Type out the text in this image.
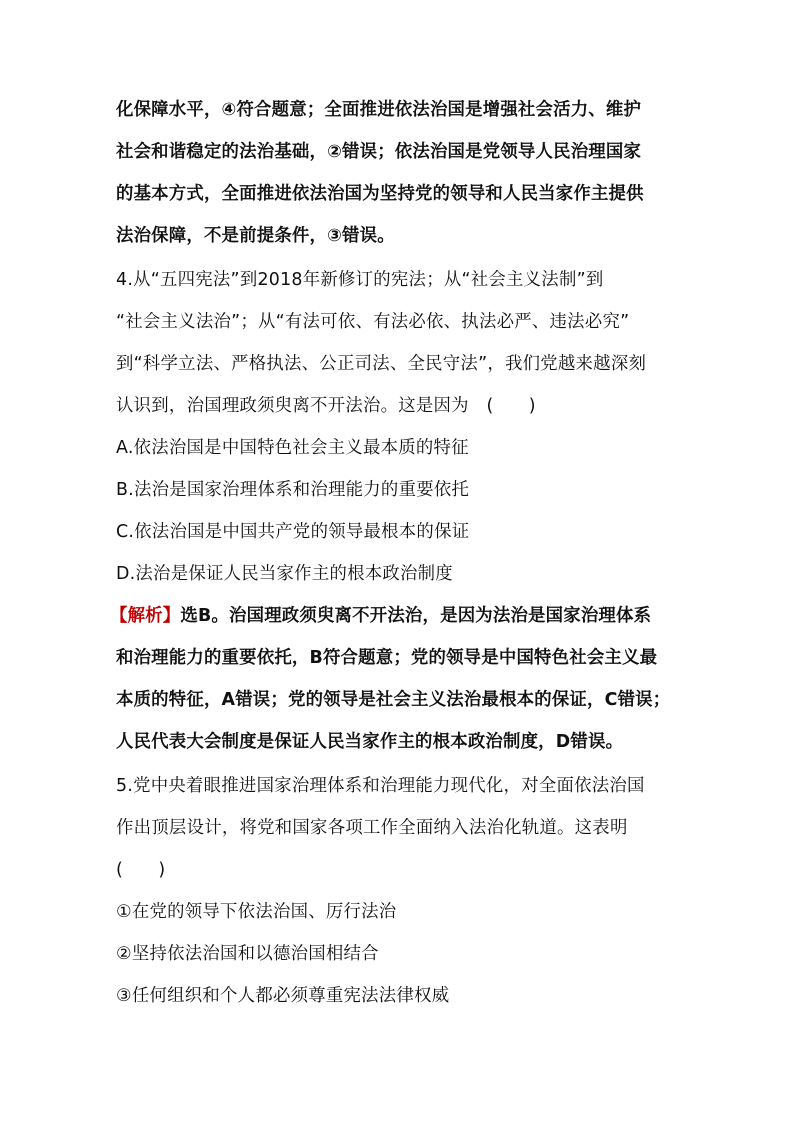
化保障水平，④符合题意；全面推进依法治国是增强社会活力、维护
社会和谐稳定的法治基础，②错误；依法治国是党领导人民治理国家
的基本方式，全面推进依法治国为坚持党的领导和人民当家作主提供
法治保障，不是前提条件，③错误。
4.从“五四宪法”到2018年新修订的宪法；从“社会主义法制”到
“社会主义法治”；从“有法可依、有法必依、执法必严、违法必究”
到“科学立法、严格执法、公正司法、全民守法”，我们党越来越深刻
认识到，治国理政须臾离不开法治。这是因为　(　　)
A.依法治国是中国特色社会主义最本质的特征
B.法治是国家治理体系和治理能力的重要依托
C.依法治国是中国共产党的领导最根本的保证
D.法治是保证人民当家作主的根本政治制度
【解析】选B。治国理政须臾离不开法治，是因为法治是国家治理体系
和治理能力的重要依托，B符合题意；党的领导是中国特色社会主义最
本质的特征，A错误；党的领导是社会主义法治最根本的保证，C错误；
人民代表大会制度是保证人民当家作主的根本政治制度，D错误。
5.党中央着眼推进国家治理体系和治理能力现代化，对全面依法治国
作出顶层设计，将党和国家各项工作全面纳入法治化轨道。这表明
(　　)
①在党的领导下依法治国、厉行法治
②坚持依法治国和以德治国相结合
③任何组织和个人都必须尊重宪法法律权威
